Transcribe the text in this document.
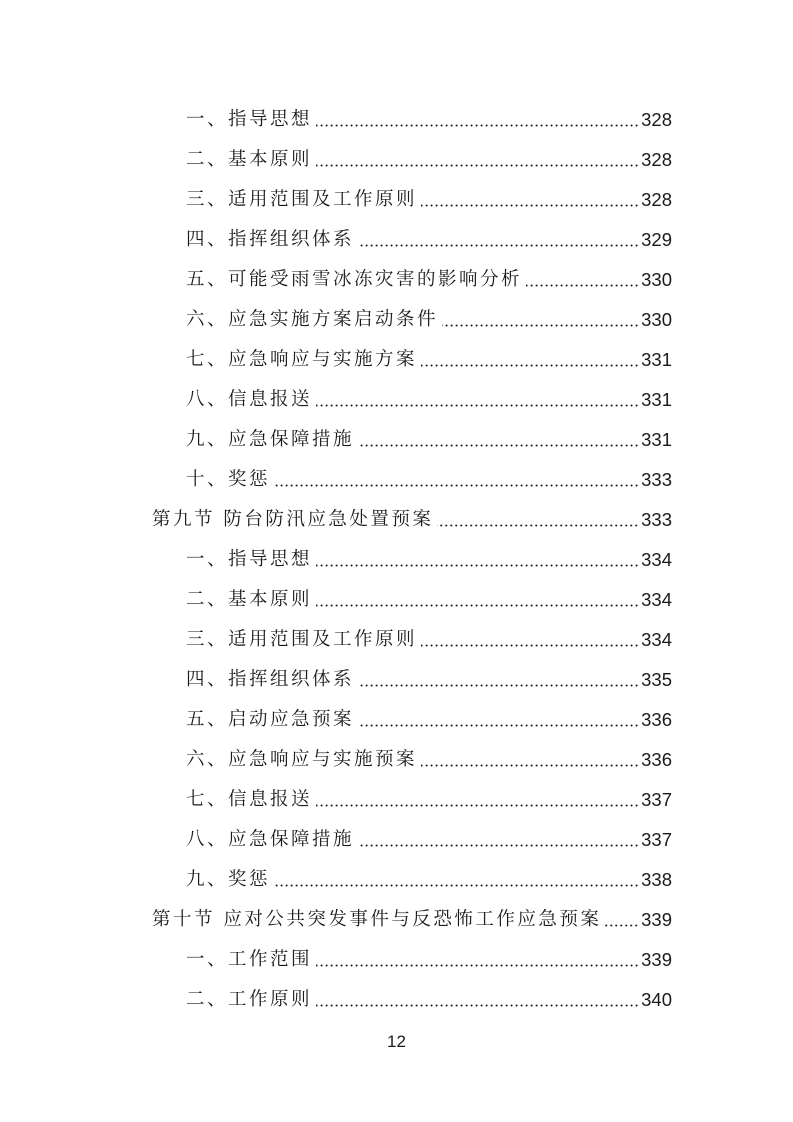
一、指导思想	328
二、基本原则	328
三、适用范围及工作原则	328
四、指挥组织体系	329
五、可能受雨雪冰冻灾害的影响分析	330
六、应急实施方案启动条件	330
七、应急响应与实施方案	331
八、信息报送	331
九、应急保障措施	331
十、奖惩	333
第九节 防台防汛应急处置预案	333
一、指导思想	334
二、基本原则	334
三、适用范围及工作原则	334
四、指挥组织体系	335
五、启动应急预案	336
六、应急响应与实施预案	336
七、信息报送	337
八、应急保障措施	337
九、奖惩	338
第十节 应对公共突发事件与反恐怖工作应急预案 339
一、工作范围	339
二、工作原则	340
12
